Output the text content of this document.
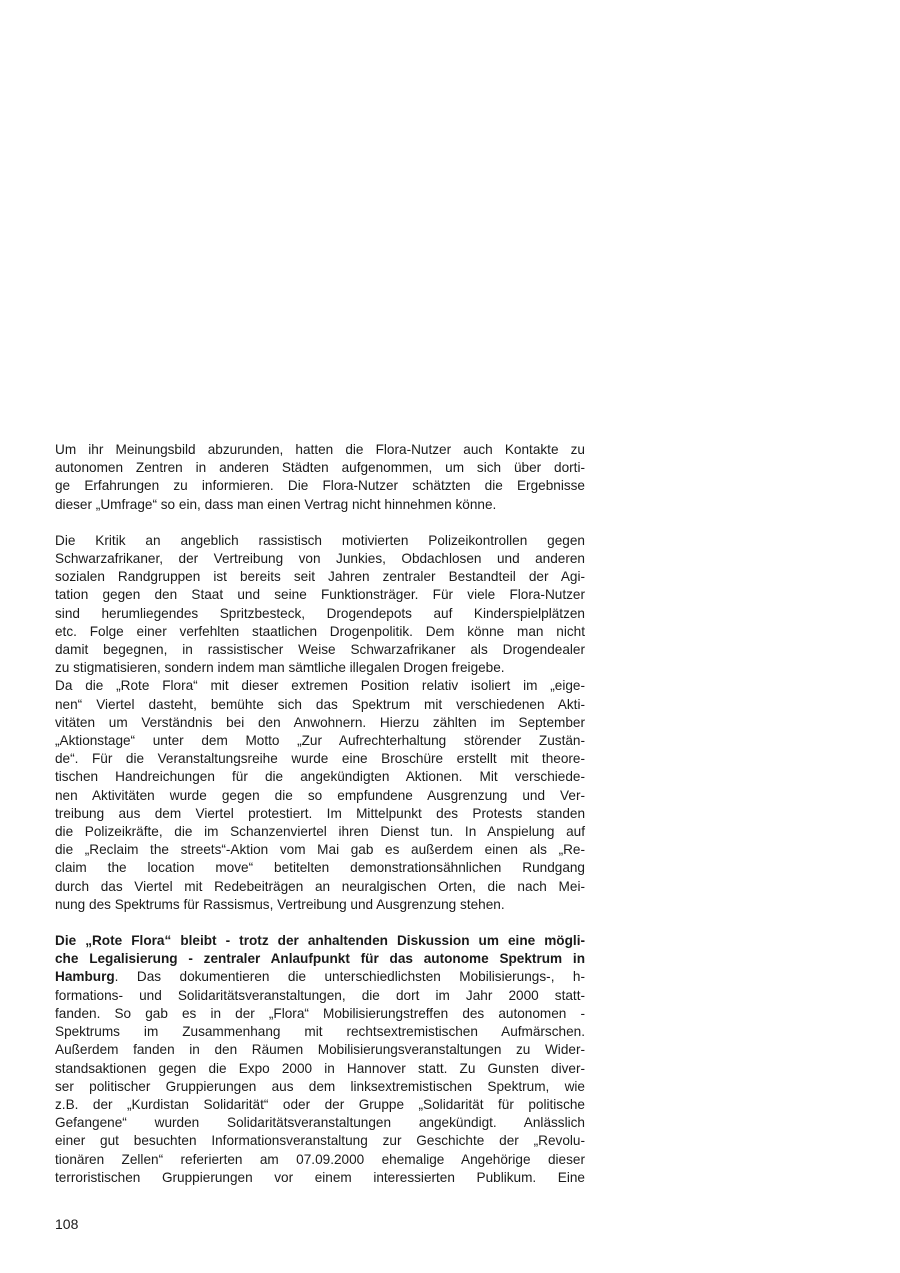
Um ihr Meinungsbild abzurunden, hatten die Flora-Nutzer auch Kontakte zu
autonomen Zentren in anderen Städten aufgenommen, um sich über dorti-
ge Erfahrungen zu informieren. Die Flora-Nutzer schätzten die Ergebnisse
dieser „Umfrage“ so ein, dass man einen Vertrag nicht hinnehmen könne.

Die Kritik an angeblich rassistisch motivierten Polizeikontrollen gegen
Schwarzafrikaner, der Vertreibung von Junkies, Obdachlosen und anderen
sozialen Randgruppen ist bereits seit Jahren zentraler Bestandteil der Agi-
tation gegen den Staat und seine Funktionsträger. Für viele Flora-Nutzer
sind herumliegendes Spritzbesteck, Drogendepots auf Kinderspielplätzen
etc. Folge einer verfehlten staatlichen Drogenpolitik. Dem könne man nicht
damit begegnen, in rassistischer Weise Schwarzafrikaner als Drogendealer
zu stigmatisieren, sondern indem man sämtliche illegalen Drogen freigebe.

Da die „Rote Flora“ mit dieser extremen Position relativ isoliert im „eige-
nen“ Viertel dasteht, bemühte sich das Spektrum mit verschiedenen Akti-
vitäten um Verständnis bei den Anwohnern. Hierzu zählten im September
„Aktionstage“ unter dem Motto „Zur Aufrechterhaltung störender Zustän-
de“. Für die Veranstaltungsreihe wurde eine Broschüre erstellt mit theore-
tischen Handreichungen für die angekündigten Aktionen. Mit verschiede-
nen Aktivitäten wurde gegen die so empfundene Ausgrenzung und Ver-
treibung aus dem Viertel protestiert. Im Mittelpunkt des Protests standen
die Polizeikräfte, die im Schanzenviertel ihren Dienst tun. In Anspielung auf
die „Reclaim the streets“-Aktion vom Mai gab es außerdem einen als „Re-
claim the location move“ betitelten demonstrationsähnlichen Rundgang
durch das Viertel mit Redebeiträgen an neuralgischen Orten, die nach Mei-
nung des Spektrums für Rassismus, Vertreibung und Ausgrenzung stehen.

Die „Rote Flora“ bleibt - trotz der anhaltenden Diskussion um eine mögli-
che Legalisierung - zentraler Anlaufpunkt für das autonome Spektrum in
Hamburg. Das dokumentieren die unterschiedlichsten Mobilisierungs-, h-
formations- und Solidaritätsveranstaltungen, die dort im Jahr 2000 statt-
fanden. So gab es in der „Flora“ Mobilisierungstreffen des autonomen -
Spektrums im Zusammenhang mit rechtsextremistischen Aufmärschen.
Außerdem fanden in den Räumen Mobilisierungsveranstaltungen zu Wider-
standsaktionen gegen die Expo 2000 in Hannover statt. Zu Gunsten diver-
ser politischer Gruppierungen aus dem linksextremistischen Spektrum, wie
z.B. der „Kurdistan Solidarität“ oder der Gruppe „Solidarität für politische
Gefangene“ wurden Solidaritätsveranstaltungen angekündigt. Anlässlich
einer gut besuchten Informationsveranstaltung zur Geschichte der „Revolu-
tionären Zellen“ referierten am 07.09.2000 ehemalige Angehörige dieser
terroristischen Gruppierungen vor einem interessierten Publikum. Eine

108
